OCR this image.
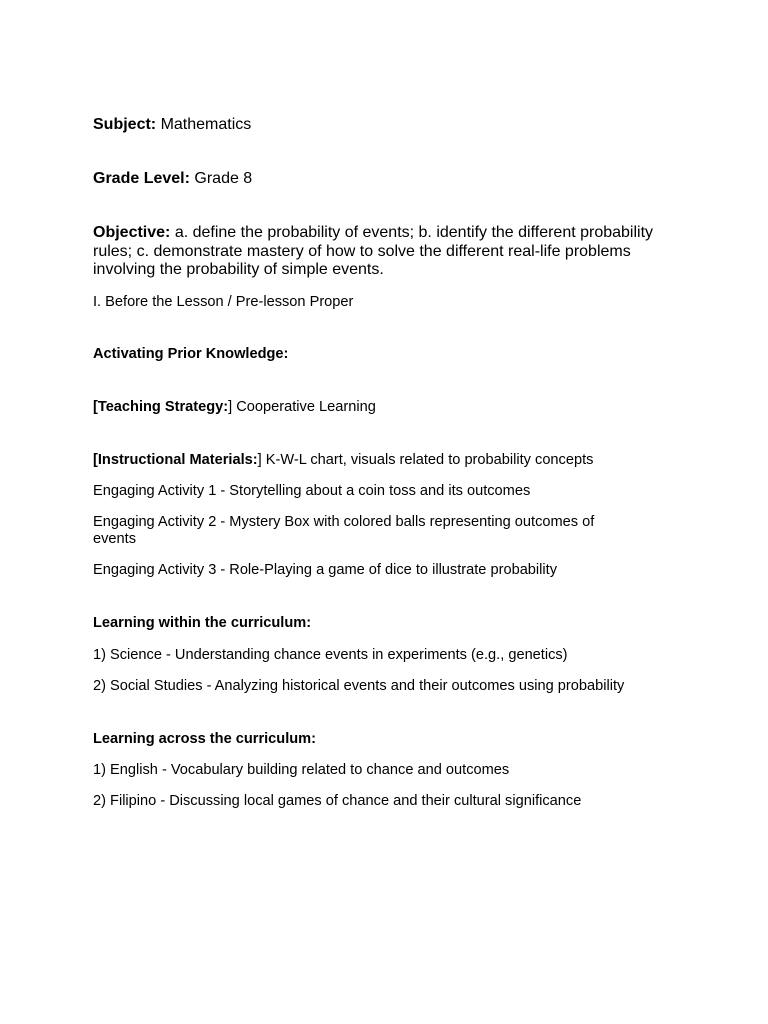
Subject: Mathematics

Grade Level: Grade 8

Objective: a. define the probability of events; b. identify the different probability rules; c. demonstrate mastery of how to solve the different real-life problems involving the probability of simple events.

I. Before the Lesson / Pre-lesson Proper

Activating Prior Knowledge:

[Teaching Strategy:] Cooperative Learning

[Instructional Materials:] K-W-L chart, visuals related to probability concepts

Engaging Activity 1 - Storytelling about a coin toss and its outcomes

Engaging Activity 2 - Mystery Box with colored balls representing outcomes of events

Engaging Activity 3 - Role-Playing a game of dice to illustrate probability

Learning within the curriculum:

1) Science - Understanding chance events in experiments (e.g., genetics)

2) Social Studies - Analyzing historical events and their outcomes using probability

Learning across the curriculum:

1) English - Vocabulary building related to chance and outcomes

2) Filipino - Discussing local games of chance and their cultural significance
